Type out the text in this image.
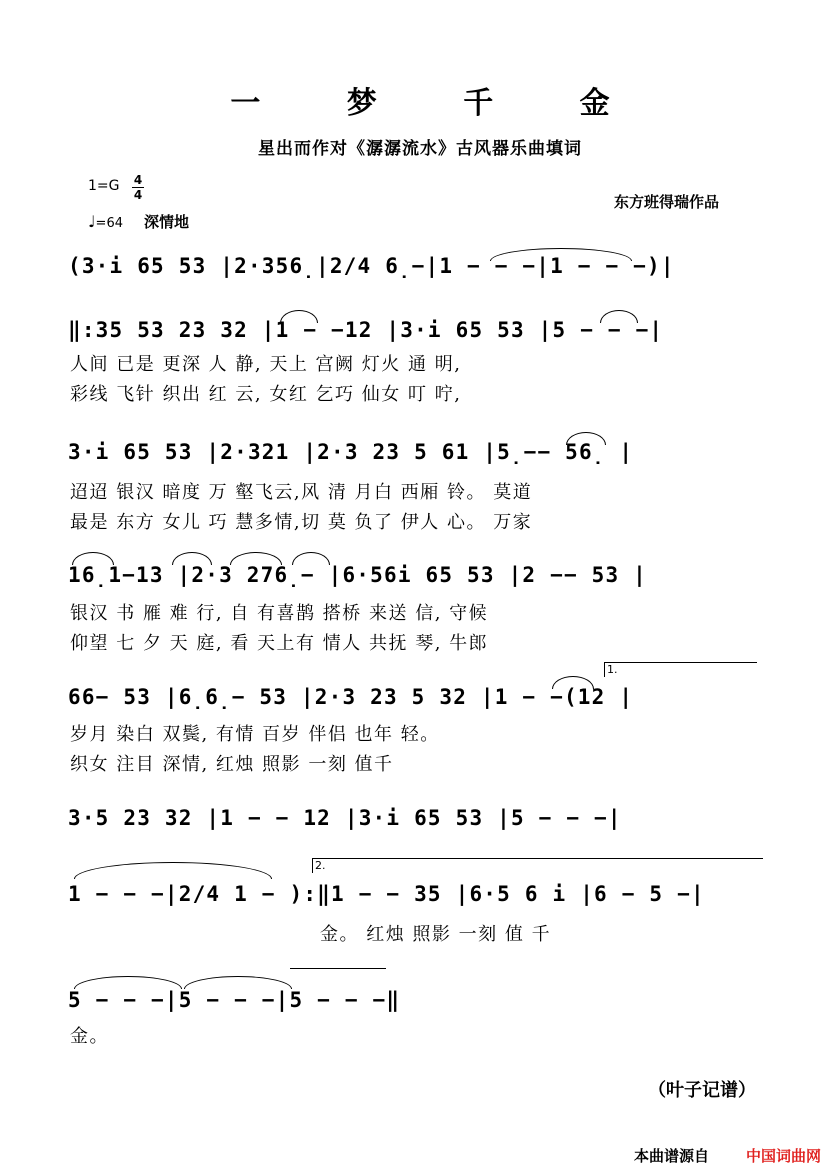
一 梦 千 金
星出而作对《潺潺流水》古风器乐曲填词
1=G 4
4
♩=64 深情地
东方班得瑞作品
(3·i 65 53 |2·356̣|2/4 6̣−|1 − − −|1 − − −)|
‖:35 53 23 32 |1 − −12 |3·i 65 53 |5 − − −|
人间 已是 更深 人 静, 天上 宫阙 灯火 通 明,
彩线 飞针 织出 红 云, 女红 乞巧 仙女 叮 咛,
3·i 65 53 |2·321 |2·3 23 5 61 |5̣−− 56̣ |
迢迢 银汉 暗度 万 壑飞云,风 清 月白 西厢 铃。 莫道
最是 东方 女儿 巧 慧多情,切 莫 负了 伊人 心。 万家
16̣1−13 |2·3 276̣− |6·56i 65 53 |2 −− 53 |
银汉 书 雁 难 行, 自 有喜鹊 搭桥 来送 信, 守候
仰望 七 夕 天 庭, 看 天上有 情人 共抚 琴, 牛郎
1.
66− 53 |6̣6̣− 53 |2·3 23 5 32 |1 − −(12 |
岁月 染白 双鬓, 有情 百岁 伴侣 也年 轻。
织女 注目 深情, 红烛 照影 一刻 值千
3·5 23 32 |1 − − 12 |3·i 65 53 |5 − − −|
2.
1 − − −|2/4 1 − ):‖1 − − 35 |6·5 6 i |6 − 5 −|
金。 红烛 照影 一刻 值 千
5 − − −|5 − − −|5 − − −‖
金。
（叶子记谱）
本曲谱源自 中国词曲网
